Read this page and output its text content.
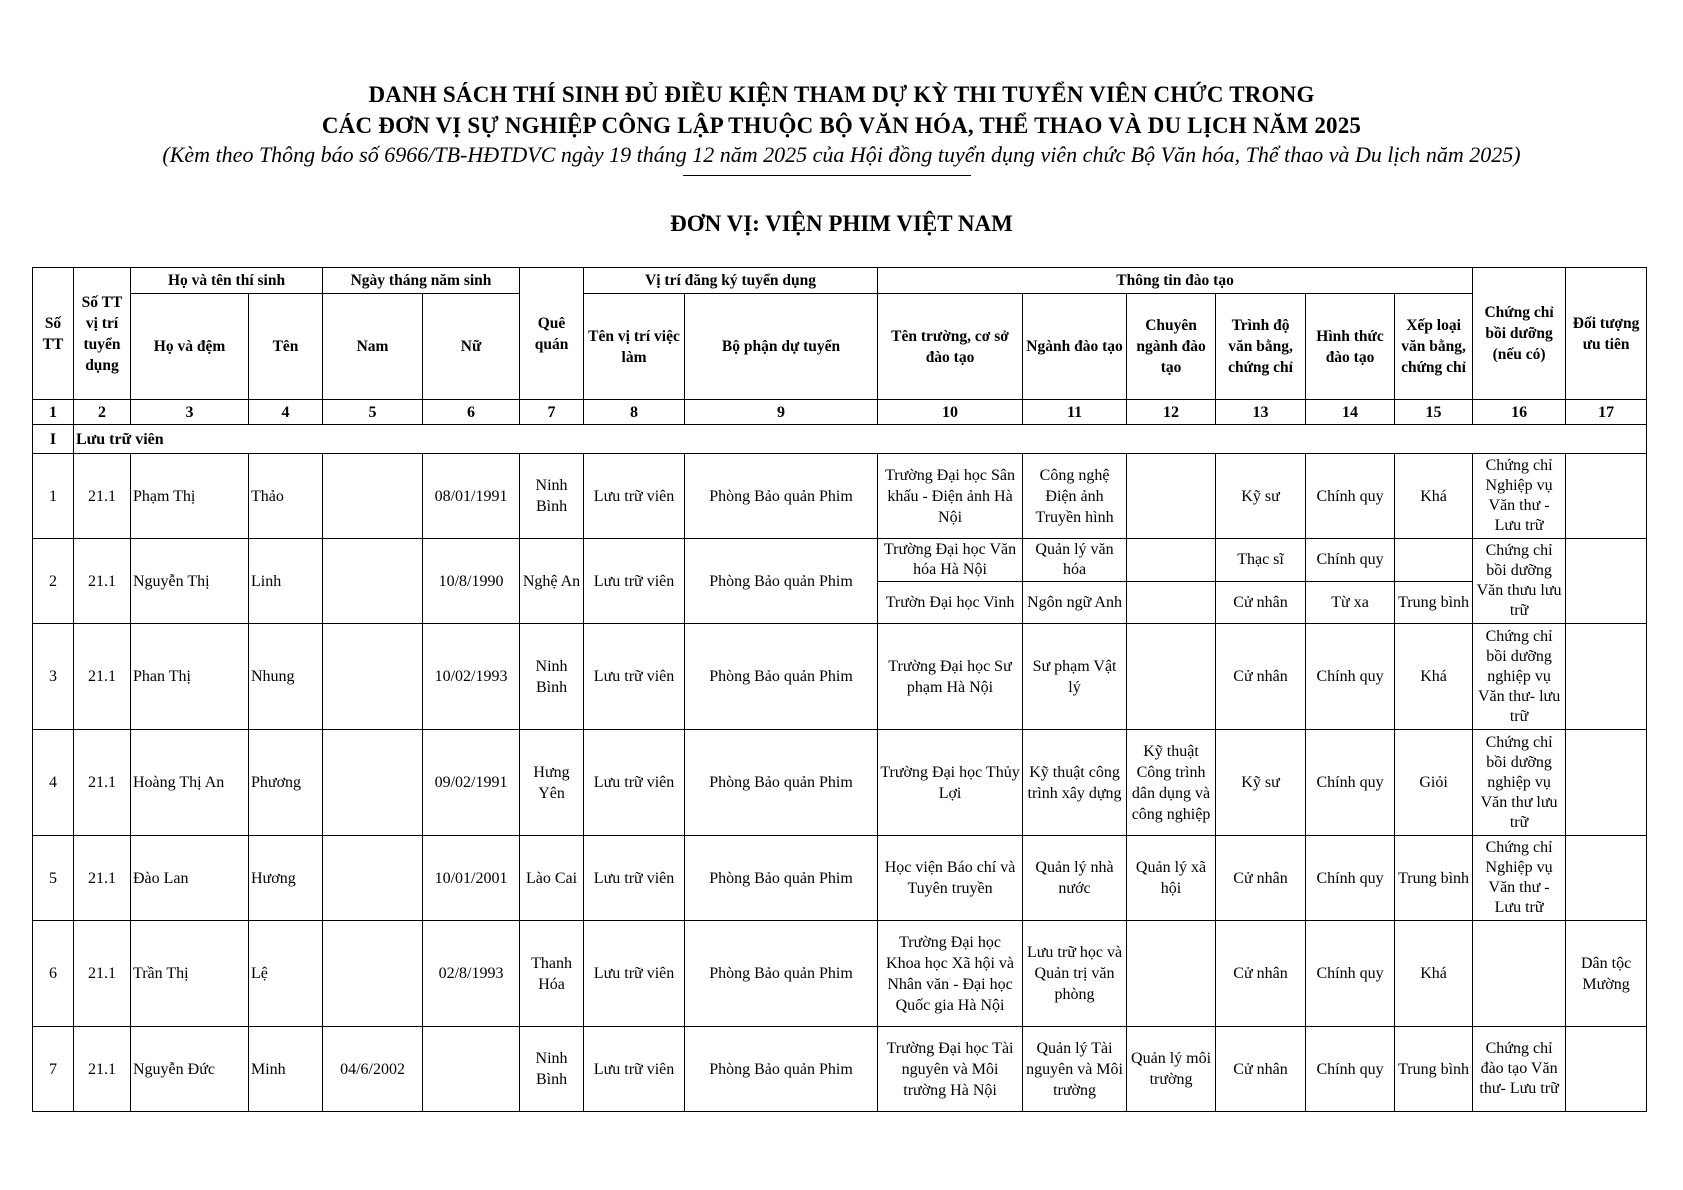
DANH SÁCH THÍ SINH ĐỦ ĐIỀU KIỆN THAM DỰ KỲ THI TUYỂN VIÊN CHỨC TRONG
CÁC ĐƠN VỊ SỰ NGHIỆP CÔNG LẬP THUỘC BỘ VĂN HÓA, THỂ THAO VÀ DU LỊCH NĂM 2025
(Kèm theo Thông báo số 6966/TB-HĐTDVC ngày 19 tháng 12 năm 2025 của Hội đồng tuyển dụng viên chức Bộ Văn hóa, Thể thao và Du lịch năm 2025)
ĐƠN VỊ: VIỆN PHIM VIỆT NAM
Số TT	Số TT vị trí tuyển dụng	Họ và tên thí sinh		Ngày tháng năm sinh		Quê quán	Vị trí đăng ký tuyển dụng		Thông tin đào tạo						Chứng chỉ bồi dưỡng (nếu có)	Đối tượng ưu tiên
		Họ và đệm	Tên	Nam	Nữ		Tên vị trí việc làm	Bộ phận dự tuyển	Tên trường, cơ sở đào tạo	Ngành đào tạo	Chuyên ngành đào tạo	Trình độ văn bằng, chứng chỉ	Hình thức đào tạo	Xếp loại văn bằng, chứng chỉ		
1	2	3	4	5	6	7	8	9	10	11	12	13	14	15	16	17
I	Lưu trữ viên															
1	21.1	Phạm Thị	Thảo		08/01/1991	Ninh Bình	Lưu trữ viên	Phòng Bảo quản Phim	Trường Đại học Sân khấu - Điện ảnh Hà Nội	Công nghệ Điện ảnh Truyền hình		Kỹ sư	Chính quy	Khá	Chứng chỉ Nghiệp vụ Văn thư - Lưu trữ	
2	21.1	Nguyễn Thị	Linh		10/8/1990	Nghệ An	Lưu trữ viên	Phòng Bảo quản Phim	Trường Đại học Văn hóa Hà Nội	Quản lý văn hóa		Thạc sĩ	Chính quy		Chứng chỉ bồi dưỡng Văn thưu lưu trữ	
									Trườn Đại học Vinh	Ngôn ngữ Anh		Cử nhân	Từ xa	Trung bình		
3	21.1	Phan Thị	Nhung		10/02/1993	Ninh Bình	Lưu trữ viên	Phòng Bảo quản Phim	Trường Đại học Sư phạm Hà Nội	Sư phạm Vật lý		Cử nhân	Chính quy	Khá	Chứng chỉ bồi dưỡng nghiệp vụ Văn thư- lưu trữ	
4	21.1	Hoàng Thị An	Phương		09/02/1991	Hưng Yên	Lưu trữ viên	Phòng Bảo quản Phim	Trường Đại học Thủy Lợi	Kỹ thuật công trình xây dựng	Kỹ thuật Công trình dân dụng và công nghiệp	Kỹ sư	Chính quy	Giỏi	Chứng chỉ bồi dưỡng nghiệp vụ Văn thư lưu trữ	
5	21.1	Đào Lan	Hương		10/01/2001	Lào Cai	Lưu trữ viên	Phòng Bảo quản Phim	Học viện Báo chí và Tuyên truyền	Quản lý nhà nước	Quản lý xã hội	Cử nhân	Chính quy	Trung bình	Chứng chỉ Nghiệp vụ Văn thư - Lưu trữ	
6	21.1	Trần Thị	Lệ		02/8/1993	Thanh Hóa	Lưu trữ viên	Phòng Bảo quản Phim	Trường Đại học Khoa học Xã hội và Nhân văn - Đại học Quốc gia Hà Nội	Lưu trữ học và Quản trị văn phòng		Cử nhân	Chính quy	Khá		Dân tộc Mường
7	21.1	Nguyễn Đức	Minh	04/6/2002		Ninh Bình	Lưu trữ viên	Phòng Bảo quản Phim	Trường Đại học Tài nguyên và Môi trường Hà Nội	Quản lý Tài nguyên và Môi trường	Quản lý môi trường	Cử nhân	Chính quy	Trung bình	Chứng chỉ đào tạo Văn thư- Lưu trữ	
